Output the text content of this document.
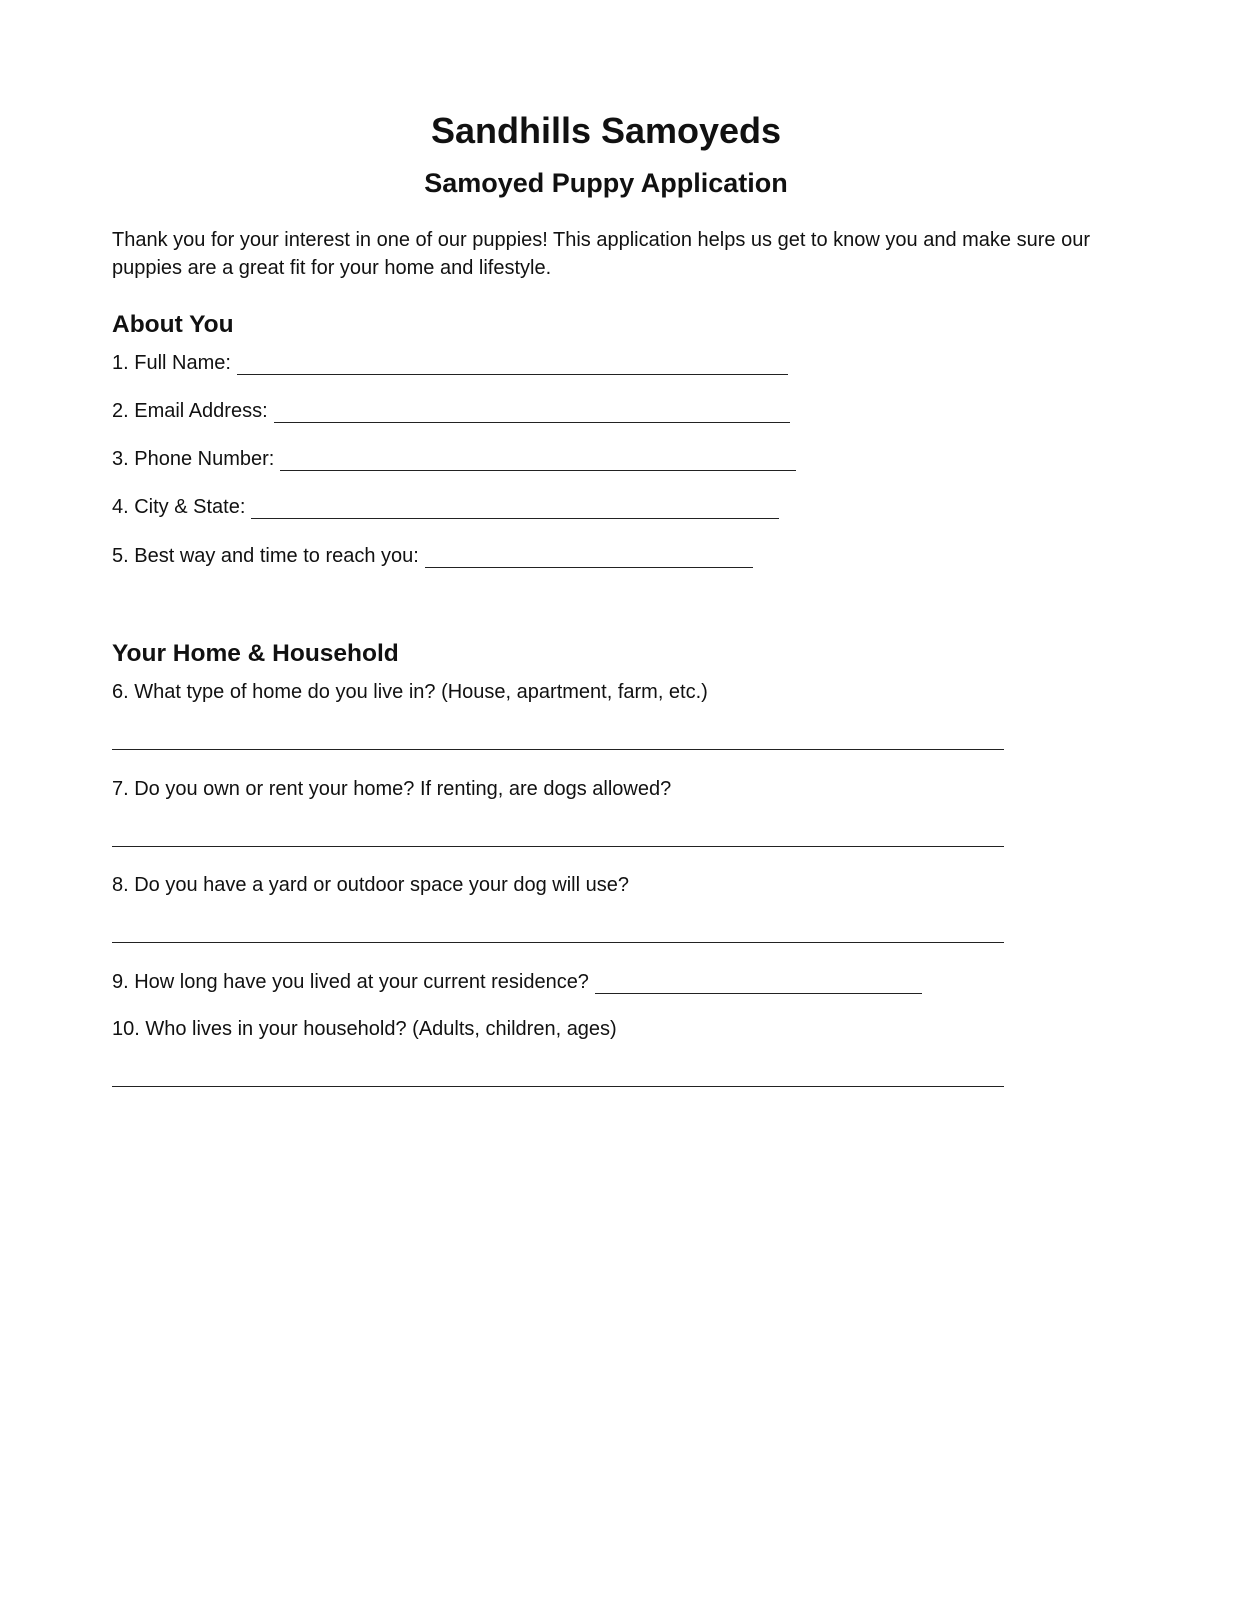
Sandhills Samoyeds
Samoyed Puppy Application
Thank you for your interest in one of our puppies! This application helps us get to know you and make sure our puppies are a great fit for your home and lifestyle.
About You
1. Full Name:
2. Email Address:
3. Phone Number:
4. City & State:
5. Best way and time to reach you:
Your Home & Household
6. What type of home do you live in? (House, apartment, farm, etc.)
7. Do you own or rent your home? If renting, are dogs allowed?
8. Do you have a yard or outdoor space your dog will use?
9. How long have you lived at your current residence?
10. Who lives in your household? (Adults, children, ages)
